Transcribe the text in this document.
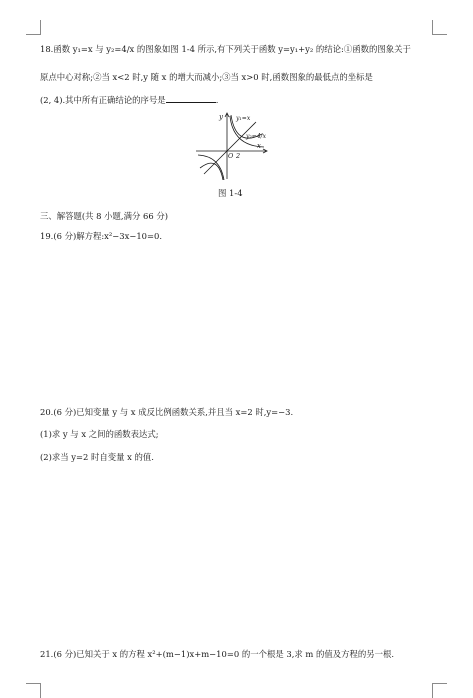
18.函数 y₁=x 与 y₂=4/x 的图象如图 1-4 所示,有下列关于函数 y=y₁+y₂ 的结论:①函数的图象关于
原点中心对称;②当 x<2 时,y 随 x 的增大而减小;③当 x>0 时,函数图象的最低点的坐标是
(2, 4).其中所有正确结论的序号是	.
y
x
y₁=x
y₂=4/x
O 2
图 1-4
三、解答题(共 8 小题,满分 66 分)
19.(6 分)解方程:x²−3x−10=0.
20.(6 分)已知变量 y 与 x 成反比例函数关系,并且当 x=2 时,y=−3.
(1)求 y 与 x 之间的函数表达式;
(2)求当 y=2 时自变量 x 的值.
21.(6 分)已知关于 x 的方程 x²+(m−1)x+m−10=0 的一个根是 3,求 m 的值及方程的另一根.
